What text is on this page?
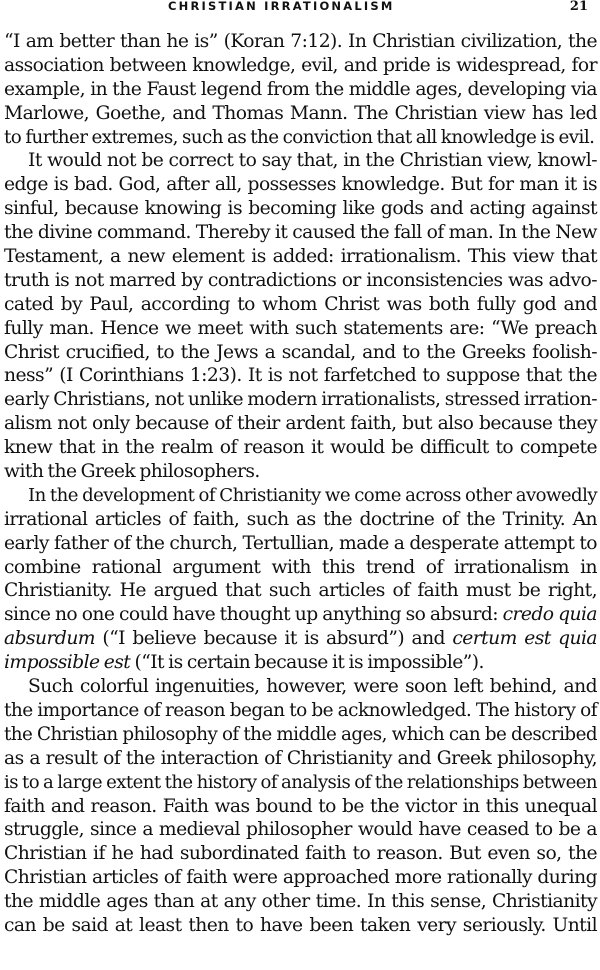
CHRISTIAN IRRATIONALISM	21
“I am better than he is” (Koran 7:12). In Christian civilization, the
association between knowledge, evil, and pride is widespread, for
example, in the Faust legend from the middle ages, developing via
Marlowe, Goethe, and Thomas Mann. The Christian view has led
to further extremes, such as the conviction that all knowledge is evil.
It would not be correct to say that, in the Christian view, knowl-
edge is bad. God, after all, possesses knowledge. But for man it is
sinful, because knowing is becoming like gods and acting against
the divine command. Thereby it caused the fall of man. In the New
Testament, a new element is added: irrationalism. This view that
truth is not marred by contradictions or inconsistencies was advo-
cated by Paul, according to whom Christ was both fully god and
fully man. Hence we meet with such statements are: “We preach
Christ crucified, to the Jews a scandal, and to the Greeks foolish-
ness” (I Corinthians 1:23). It is not farfetched to suppose that the
early Christians, not unlike modern irrationalists, stressed irration-
alism not only because of their ardent faith, but also because they
knew that in the realm of reason it would be difficult to compete
with the Greek philosophers.
In the development of Christianity we come across other avowedly
irrational articles of faith, such as the doctrine of the Trinity. An
early father of the church, Tertullian, made a desperate attempt to
combine rational argument with this trend of irrationalism in
Christianity. He argued that such articles of faith must be right,
since no one could have thought up anything so absurd: credo quia
absurdum (“I believe because it is absurd”) and certum est quia
impossible est (“It is certain because it is impossible”).
Such colorful ingenuities, however, were soon left behind, and
the importance of reason began to be acknowledged. The history of
the Christian philosophy of the middle ages, which can be described
as a result of the interaction of Christianity and Greek philosophy,
is to a large extent the history of analysis of the relationships between
faith and reason. Faith was bound to be the victor in this unequal
struggle, since a medieval philosopher would have ceased to be a
Christian if he had subordinated faith to reason. But even so, the
Christian articles of faith were approached more rationally during
the middle ages than at any other time. In this sense, Christianity
can be said at least then to have been taken very seriously. Until
